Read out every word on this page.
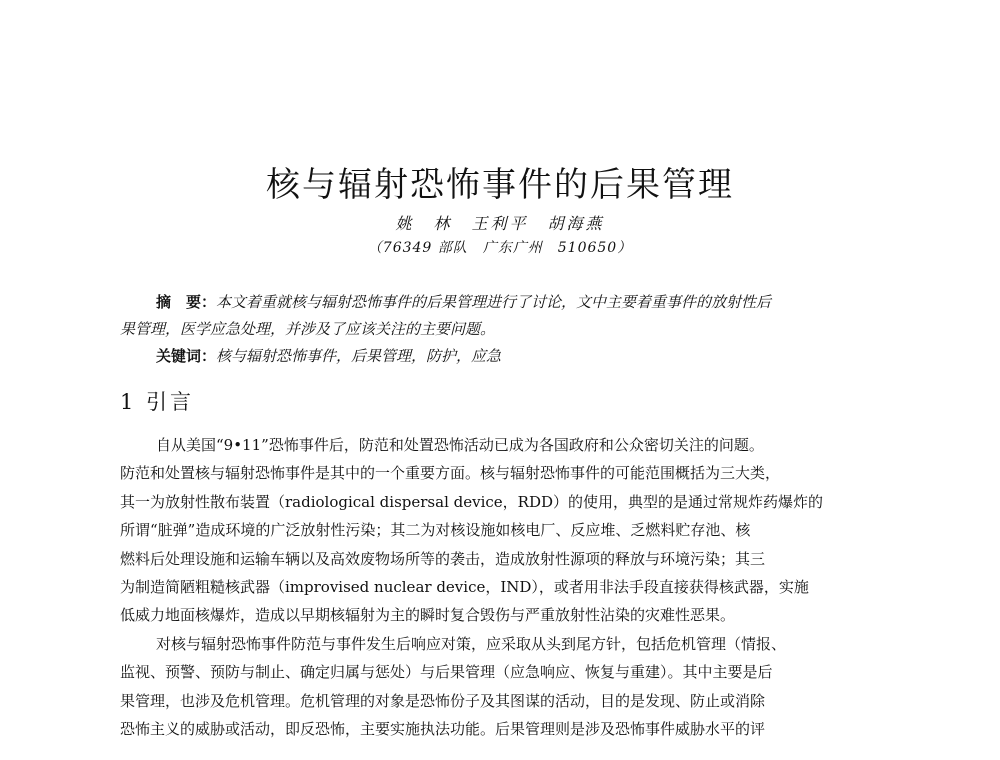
核与辐射恐怖事件的后果管理
姚　林　王利平　胡海燕
（76349 部队　广东广州　510650）

摘　要：本文着重就核与辐射恐怖事件的后果管理进行了讨论，文中主要着重事件的放射性后

果管理，医学应急处理，并涉及了应该关注的主要问题。

关键词：核与辐射恐怖事件，后果管理，防护，应急

1 引言
自从美国“9•11”恐怖事件后，防范和处置恐怖活动已成为各国政府和公众密切关注的问题。
防范和处置核与辐射恐怖事件是其中的一个重要方面。核与辐射恐怖事件的可能范围概括为三大类，
其一为放射性散布装置（radiological dispersal device，RDD）的使用，典型的是通过常规炸药爆炸的
所谓“脏弹”造成环境的广泛放射性污染；其二为对核设施如核电厂、反应堆、乏燃料贮存池、核
燃料后处理设施和运输车辆以及高效废物场所等的袭击，造成放射性源项的释放与环境污染；其三
为制造简陋粗糙核武器（improvised nuclear device，IND），或者用非法手段直接获得核武器，实施
低威力地面核爆炸，造成以早期核辐射为主的瞬时复合毁伤与严重放射性沾染的灾难性恶果。
对核与辐射恐怖事件防范与事件发生后响应对策，应采取从头到尾方针，包括危机管理（情报、
监视、预警、预防与制止、确定归属与惩处）与后果管理（应急响应、恢复与重建）。其中主要是后
果管理，也涉及危机管理。危机管理的对象是恐怖份子及其图谋的活动，目的是发现、防止或消除
恐怖主义的威胁或活动，即反恐怖，主要实施执法功能。后果管理则是涉及恐怖事件威胁水平的评
